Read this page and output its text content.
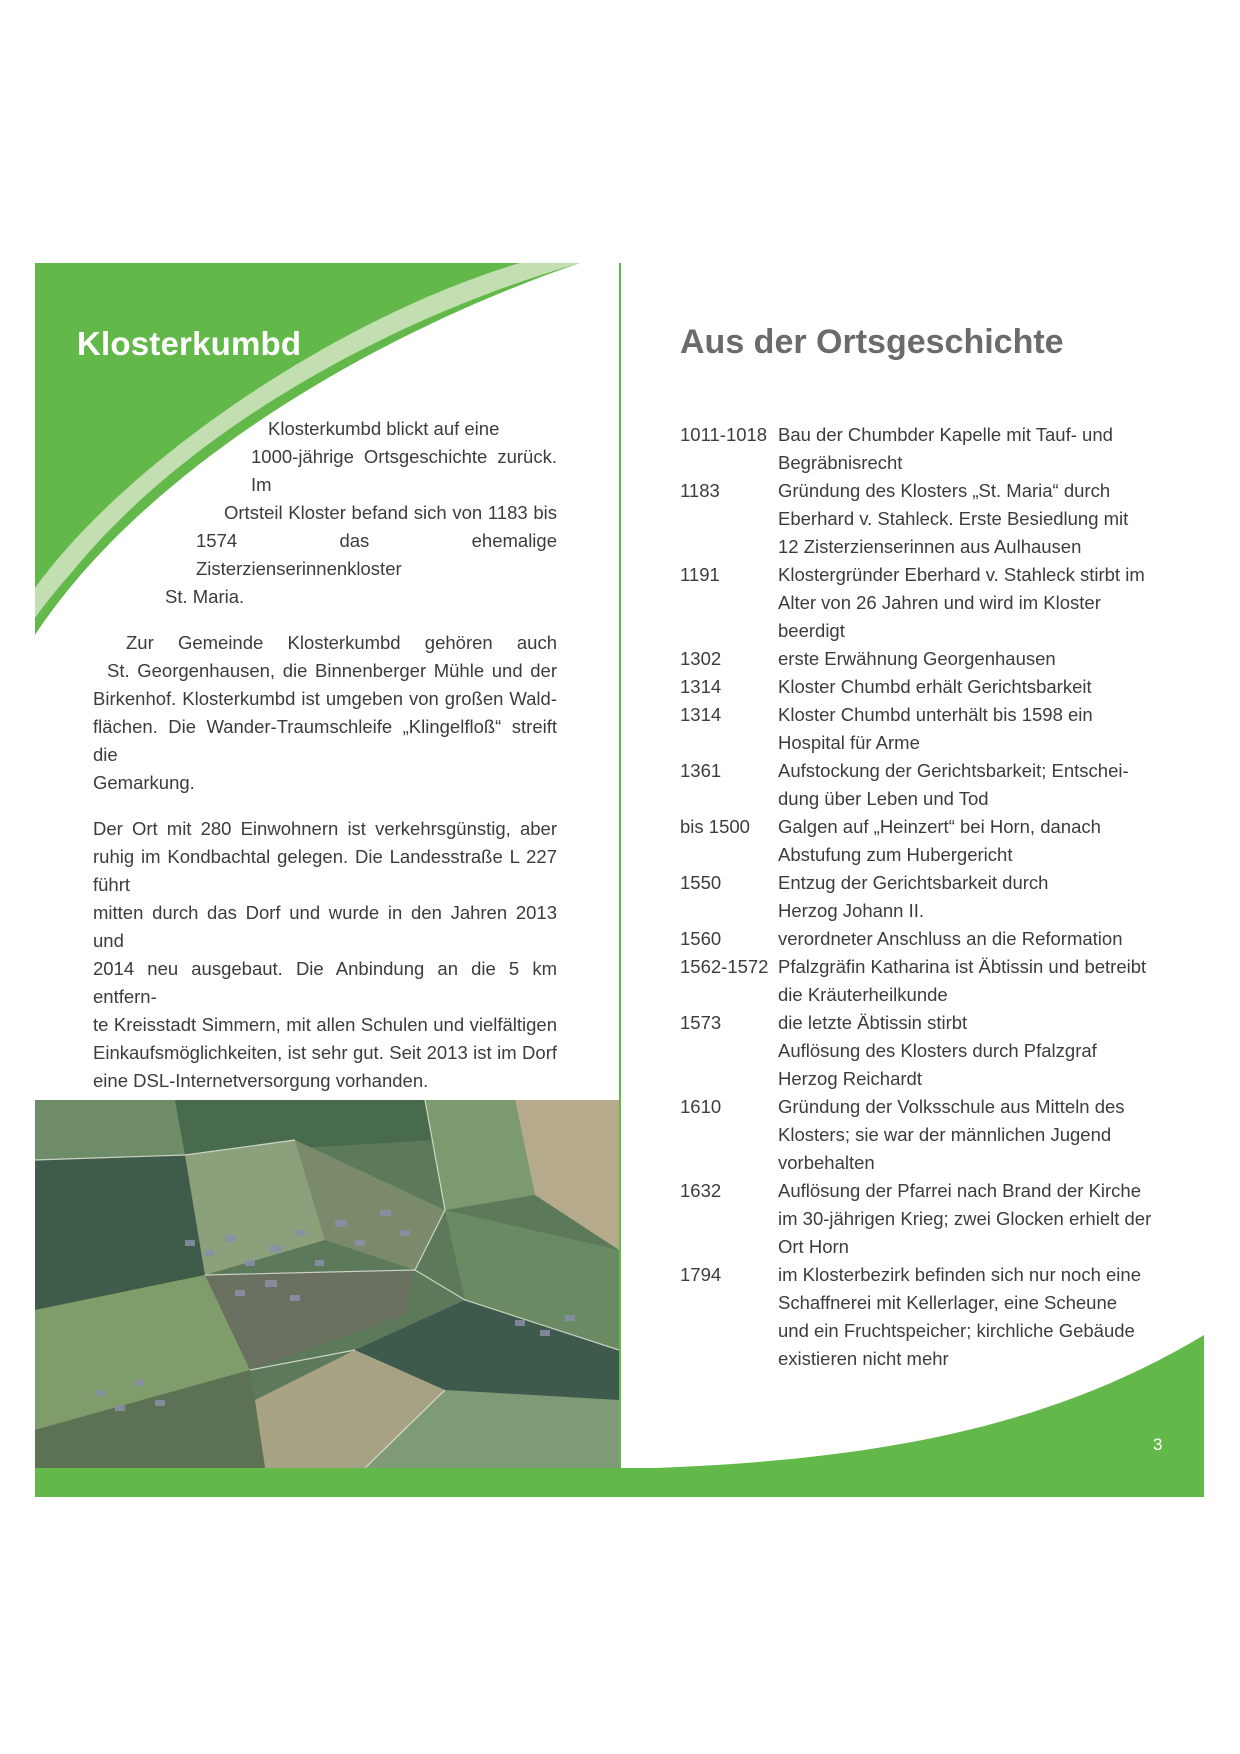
Klosterkumbd

Klosterkumbd blickt auf eine
1000-jährige Ortsgeschichte zurück. Im
Ortsteil Kloster befand sich von 1183 bis
1574 das ehemalige Zisterzienserinnenkloster
St. Maria.

Zur Gemeinde Klosterkumbd gehören auch
St. Georgenhausen, die Binnenberger Mühle und der
Birkenhof. Klosterkumbd ist umgeben von großen Wald-
flächen. Die Wander-Traumschleife „Klingelfloß“ streift die
Gemarkung.

Der Ort mit 280 Einwohnern ist verkehrsgünstig, aber
ruhig im Kondbachtal gelegen. Die Landesstraße L 227 führt
mitten durch das Dorf und wurde in den Jahren 2013 und
2014 neu ausgebaut. Die Anbindung an die 5 km entfern-
te Kreisstadt Simmern, mit allen Schulen und vielfältigen
Einkaufsmöglichkeiten, ist sehr gut. Seit 2013 ist im Dorf
eine DSL-Internetversorgung vorhanden.

Aus der Ortsgeschichte
1011-1018 Bau der Chumbder Kapelle mit Tauf- und
Begräbnisrecht
1183	Gründung des Klosters „St. Maria“ durch
Eberhard v. Stahleck. Erste Besiedlung mit
12 Zisterzienserinnen aus Aulhausen
1191	Klostergründer Eberhard v. Stahleck stirbt im
Alter von 26 Jahren und wird im Kloster
beerdigt
1302	erste Erwähnung Georgenhausen
1314	Kloster Chumbd erhält Gerichtsbarkeit
1314	Kloster Chumbd unterhält bis 1598 ein
Hospital für Arme
1361	Aufstockung der Gerichtsbarkeit; Entschei-
dung über Leben und Tod
bis 1500	Galgen auf „Heinzert“ bei Horn, danach
Abstufung zum Hubergericht
1550	Entzug der Gerichtsbarkeit durch
Herzog Johann II.
1560	verordneter Anschluss an die Reformation
1562-1572 Pfalzgräfin Katharina ist Äbtissin und betreibt
die Kräuterheilkunde
1573	die letzte Äbtissin stirbt
Auflösung des Klosters durch Pfalzgraf
Herzog Reichardt
1610	Gründung der Volksschule aus Mitteln des
Klosters; sie war der männlichen Jugend
vorbehalten
1632	Auflösung der Pfarrei nach Brand der Kirche
im 30-jährigen Krieg; zwei Glocken erhielt der
Ort Horn
1794	im Klosterbezirk befinden sich nur noch eine
Schaffnerei mit Kellerlager, eine Scheune
und ein Fruchtspeicher; kirchliche Gebäude
existieren nicht mehr
3
